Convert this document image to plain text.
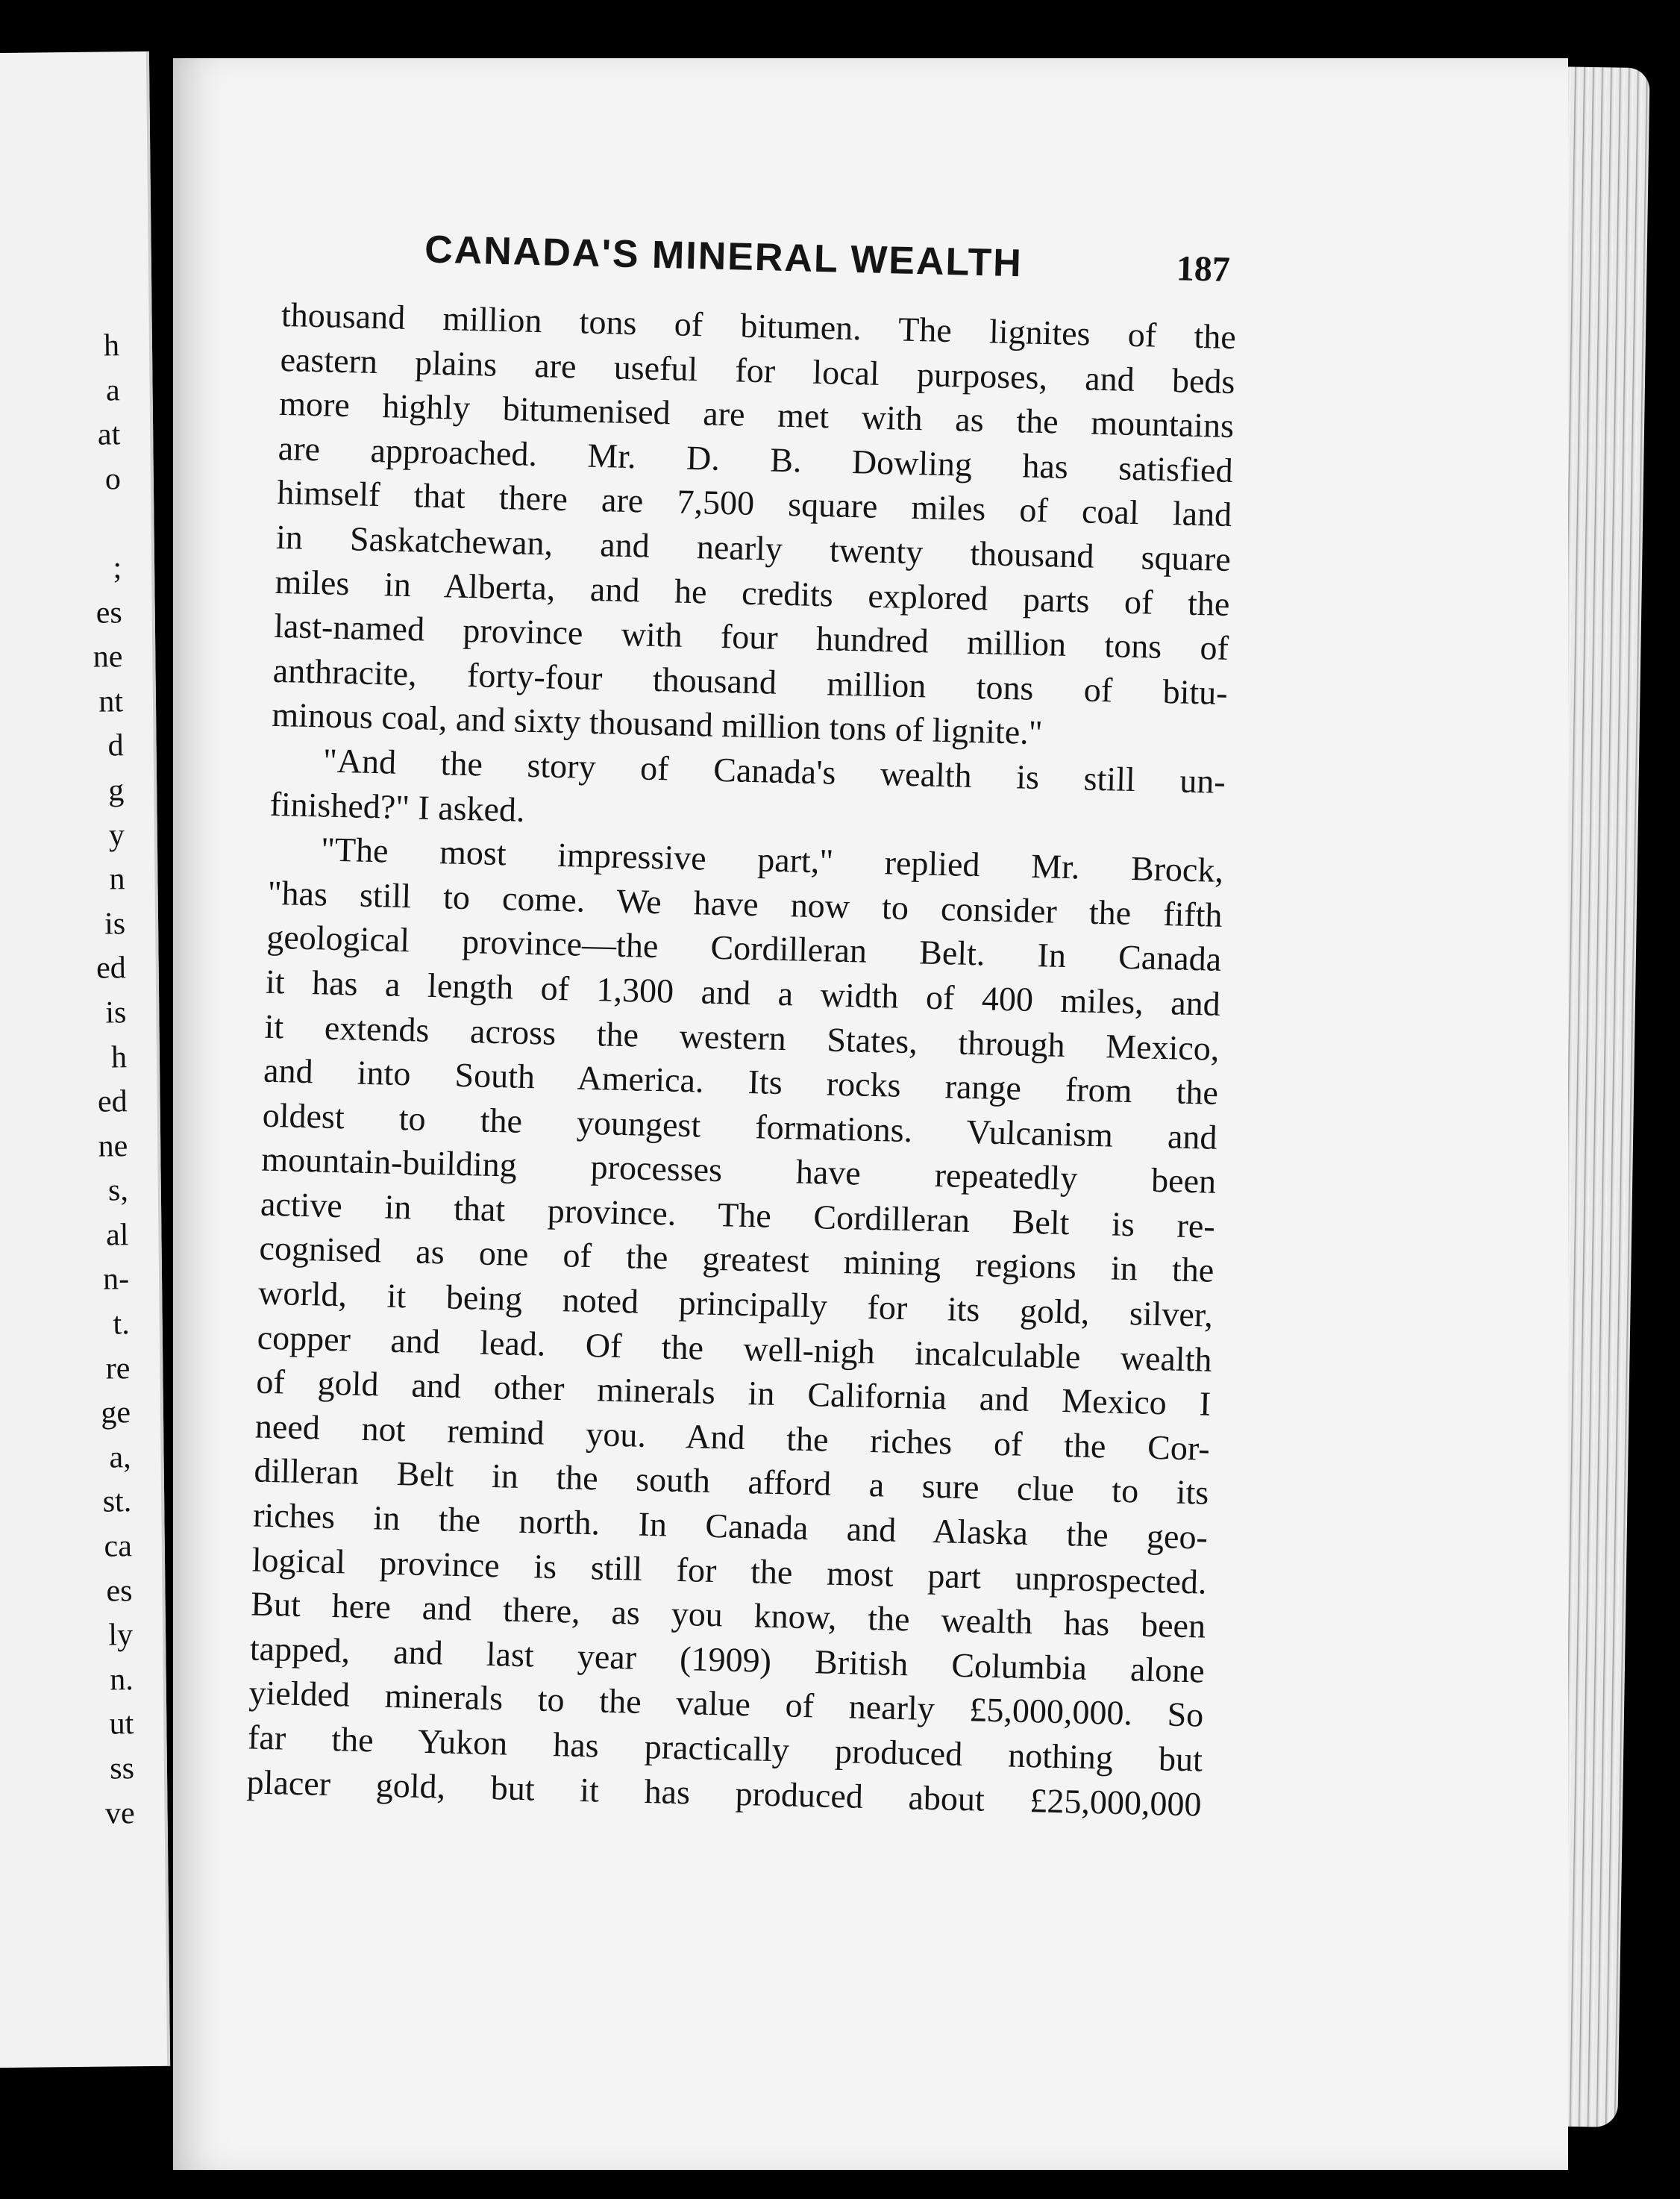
h
a
at
o
;
es
ne
nt
d
g
y
n
is
ed
is
h
ed
ne
s,
al
n-
t.
re
ge
a,
st.
ca
es
ly
n.
ut
ss
ve
CANADA'S MINERAL WEALTH	187
thousand million tons of bitumen. The lignites of the
eastern plains are useful for local purposes, and beds
more highly bitumenised are met with as the mountains
are approached. Mr. D. B. Dowling has satisfied
himself that there are 7,500 square miles of coal land
in Saskatchewan, and nearly twenty thousand square
miles in Alberta, and he credits explored parts of the
last-named province with four hundred million tons of
anthracite, forty-four thousand million tons of bitu-
minous coal, and sixty thousand million tons of lignite."
"And the story of Canada's wealth is still un-
finished?" I asked.
"The most impressive part," replied Mr. Brock,
"has still to come. We have now to consider the fifth
geological province—the Cordilleran Belt. In Canada
it has a length of 1,300 and a width of 400 miles, and
it extends across the western States, through Mexico,
and into South America. Its rocks range from the
oldest to the youngest formations. Vulcanism and
mountain-building processes have repeatedly been
active in that province. The Cordilleran Belt is re-
cognised as one of the greatest mining regions in the
world, it being noted principally for its gold, silver,
copper and lead. Of the well-nigh incalculable wealth
of gold and other minerals in California and Mexico I
need not remind you. And the riches of the Cor-
dilleran Belt in the south afford a sure clue to its
riches in the north. In Canada and Alaska the geo-
logical province is still for the most part unprospected.
But here and there, as you know, the wealth has been
tapped, and last year (1909) British Columbia alone
yielded minerals to the value of nearly £5,000,000. So
far the Yukon has practically produced nothing but
placer gold, but it has produced about £25,000,000
